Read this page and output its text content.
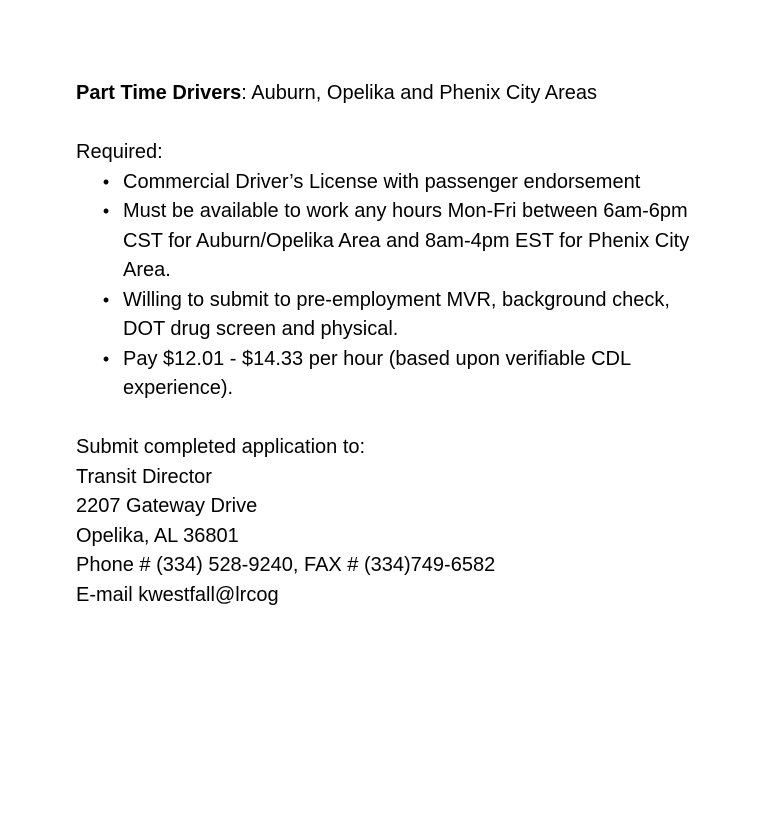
Part Time Drivers: Auburn, Opelika and Phenix City Areas

Required:

• Commercial Driver’s License with passenger endorsement
• Must be available to work any hours Mon-Fri between 6am-6pm CST for Auburn/Opelika Area and 8am-4pm EST for Phenix City Area.
• Willing to submit to pre-employment MVR, background check, DOT drug screen and physical.
• Pay $12.01 - $14.33 per hour (based upon verifiable CDL experience).

Submit completed application to:

Transit Director

2207 Gateway Drive

Opelika, AL 36801

Phone # (334) 528-9240, FAX # (334)749-6582

E-mail kwestfall@lrcog
